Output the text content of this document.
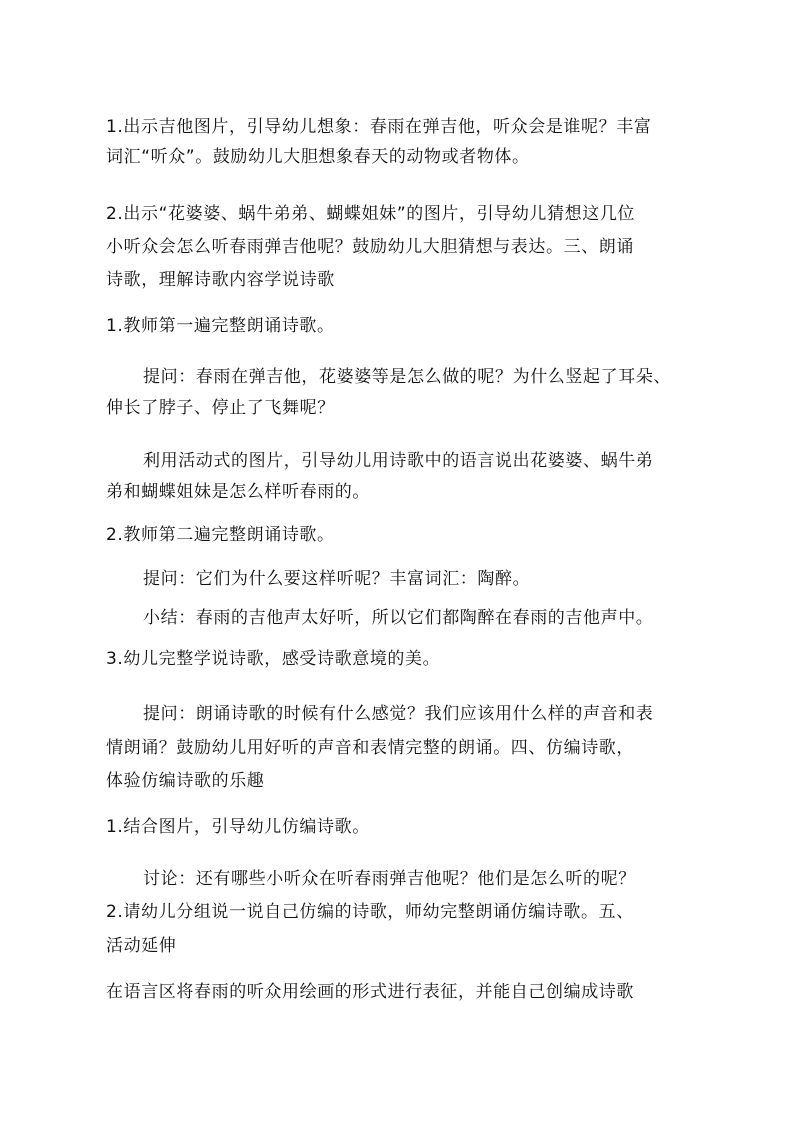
1.出示吉他图片，引导幼儿想象：春雨在弹吉他，听众会是谁呢？丰富
词汇“听众”。鼓励幼儿大胆想象春天的动物或者物体。
2.出示“花婆婆、蜗牛弟弟、蝴蝶姐妹”的图片，引导幼儿猜想这几位
小听众会怎么听春雨弹吉他呢？鼓励幼儿大胆猜想与表达。三、朗诵
诗歌，理解诗歌内容学说诗歌
1.教师第一遍完整朗诵诗歌。
提问：春雨在弹吉他，花婆婆等是怎么做的呢？为什么竖起了耳朵、
伸长了脖子、停止了飞舞呢？
利用活动式的图片，引导幼儿用诗歌中的语言说出花婆婆、蜗牛弟
弟和蝴蝶姐妹是怎么样听春雨的。
2.教师第二遍完整朗诵诗歌。
提问：它们为什么要这样听呢？丰富词汇：陶醉。
小结：春雨的吉他声太好听，所以它们都陶醉在春雨的吉他声中。
3.幼儿完整学说诗歌，感受诗歌意境的美。
提问：朗诵诗歌的时候有什么感觉？我们应该用什么样的声音和表
情朗诵？鼓励幼儿用好听的声音和表情完整的朗诵。四、仿编诗歌，
体验仿编诗歌的乐趣
1.结合图片，引导幼儿仿编诗歌。
讨论：还有哪些小听众在听春雨弹吉他呢？他们是怎么听的呢？
2.请幼儿分组说一说自己仿编的诗歌，师幼完整朗诵仿编诗歌。五、
活动延伸
在语言区将春雨的听众用绘画的形式进行表征，并能自己创编成诗歌
